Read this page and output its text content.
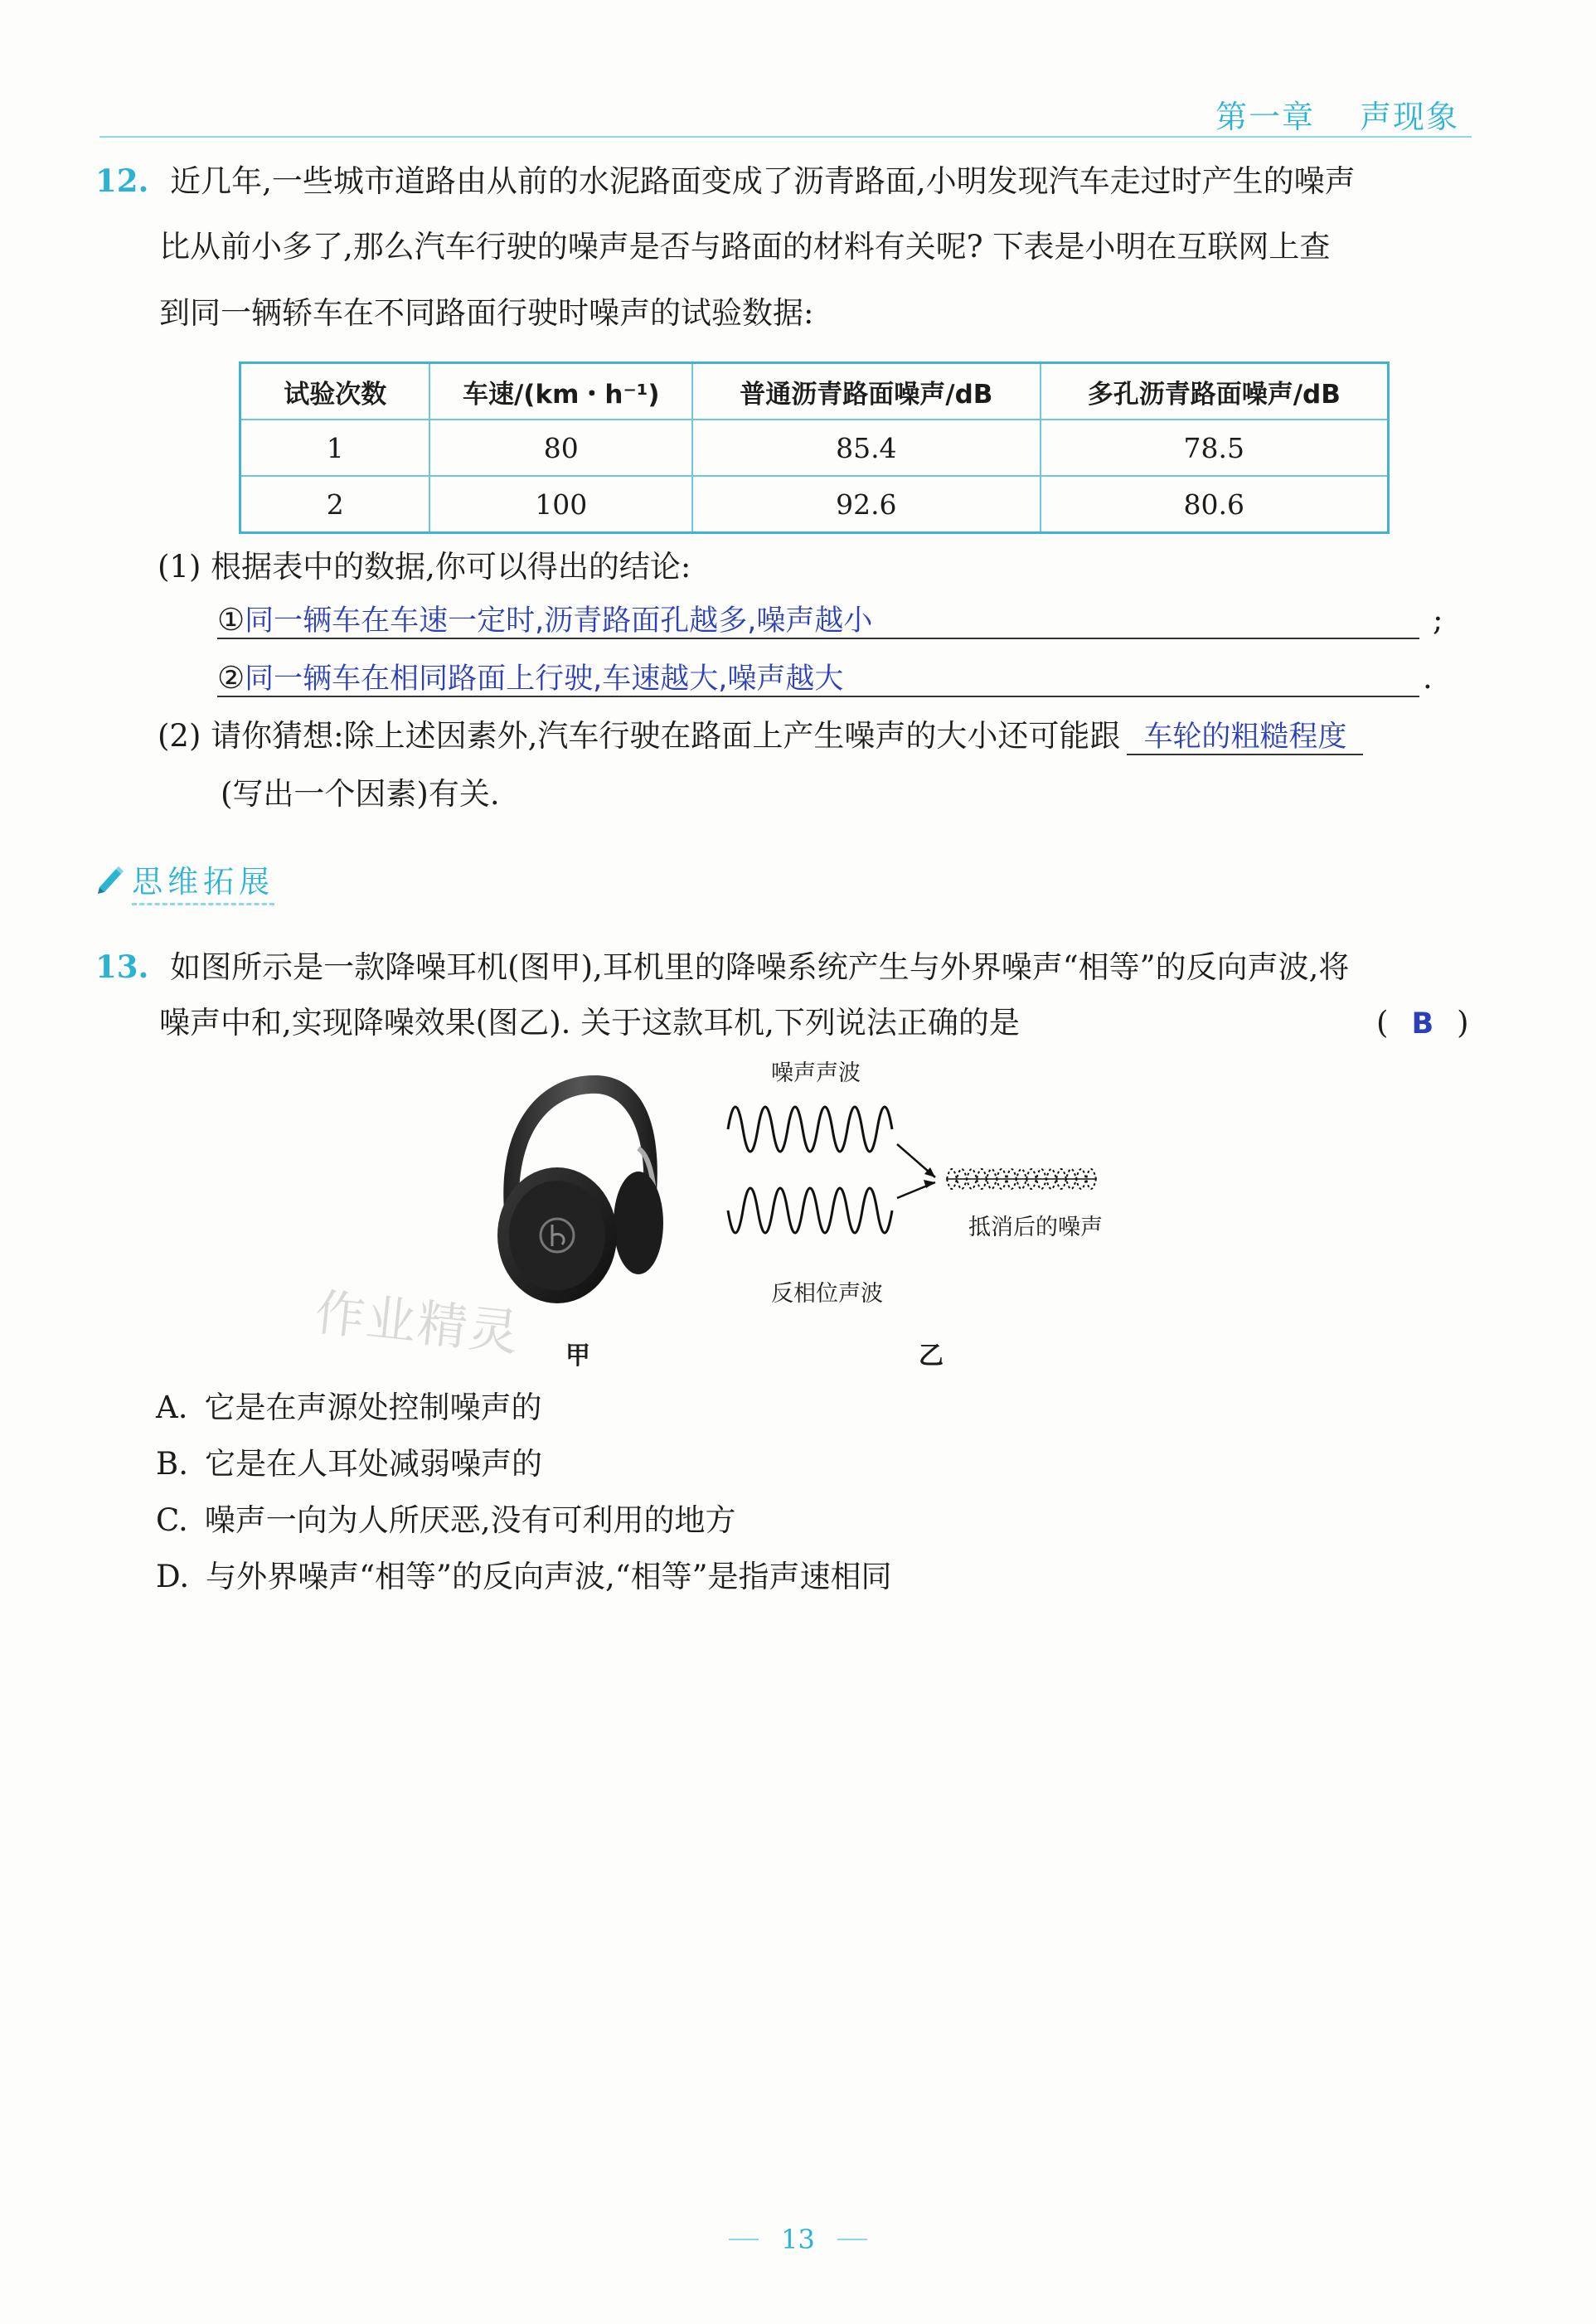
第一章 声现象
12. 近几年,一些城市道路由从前的水泥路面变成了沥青路面,小明发现汽车走过时产生的噪声
比从前小多了,那么汽车行驶的噪声是否与路面的材料有关呢? 下表是小明在互联网上查
到同一辆轿车在不同路面行驶时噪声的试验数据:
试验次数	车速/(km・h⁻¹)	普通沥青路面噪声/dB	多孔沥青路面噪声/dB
1	80	85.4	78.5
2	100	92.6	80.6
(1) 根据表中的数据,你可以得出的结论:
①同一辆车在车速一定时,沥青路面孔越多,噪声越小	;
②同一辆车在相同路面上行驶,车速越大,噪声越大	.
(2) 请你猜想:除上述因素外,汽车行驶在路面上产生噪声的大小还可能跟 车轮的粗糙程度
(写出一个因素)有关.
思维拓展
13. 如图所示是一款降噪耳机(图甲),耳机里的降噪系统产生与外界噪声“相等”的反向声波,将
噪声中和,实现降噪效果(图乙). 关于这款耳机,下列说法正确的是	( B )
噪声声波
抵消后的噪声
反相位声波
甲	乙
作业精灵
A. 它是在声源处控制噪声的
B. 它是在人耳处减弱噪声的
C. 噪声一向为人所厌恶,没有可利用的地方
D. 与外界噪声“相等”的反向声波,“相等”是指声速相同
13
